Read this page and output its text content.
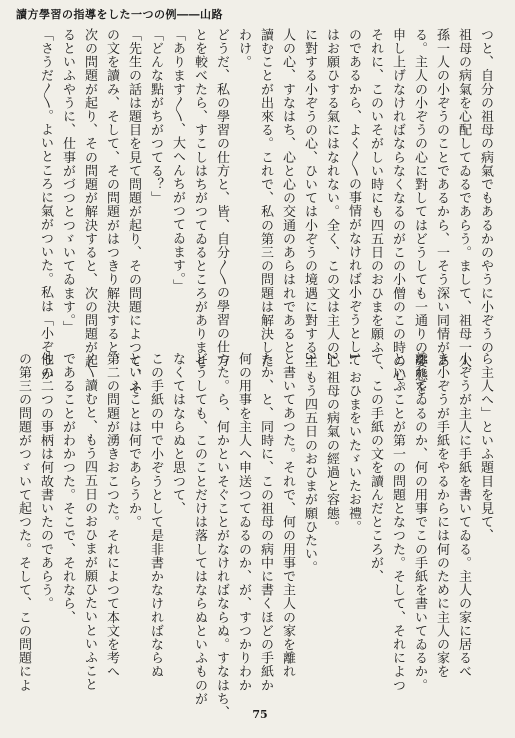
讀方學習の指導をした一つの例――山路
つと、自分の祖母の病氣でもあるかのやうに小ぞうの
祖母の病氣を心配してゐるであらう。まして、祖母一人
孫一人の小ぞうのことであるから、一そう深い同情があ
る。主人の小ぞうの心に對してはどうしても一通りの姿態を
申し上げなければならなくなるのがこの小僧のこの時の心。
それに、このいそがしい時にも四五日のおひまを願ふ
のであるから、よく〳〵の事情がなければ小ぞうとして
はお願ひする氣にはなれない。全く、この文は主人の心
に對する小ぞうの心、ひいては小ぞうの境遇に對する主
人の心、すなはち、心と心の交通のあらはれであると
讀むことが出來る。これで、私の第三の問題は解決した
わけ。
どうだ、私の學習の仕方と、皆、自分〳〵の學習の仕方
とを較べたら、すこしはちがつてゐるところがありませ
「あります〳〵、大へんちがつてゐます。」
「どんな點がちがつてる？」
「先生の話は題目を見て問題が起り、その問題によつて、そ
の文を讀み、そして、その問題がはつきり解決すると、
次の問題が起り、その問題が解決すると、次の問題が起
るといふやうに、仕事がづつとつゞいてゐます。」
「さうだ〳〵。よいところに氣がついた。私は「小ぞうか
ら主人へ」といふ題目を見て、
小ぞうが主人に手紙を書いてゐる。主人の家に居るべ
き小ぞうが手紙をやるからには何のために主人の家を
離れてゐるのか、何の用事でこの手紙を書いてゐるか。
といふことが第一の問題となつた。そして、それによつ
て、この手紙の文を讀んだところが、
1. おひまをいたゞいたお禮。
2. 祖母の病氣の經過と容態。
3. もう四五日のおひまが願ひたい。
と書いてあつた。それで、何の用事で主人の家を離れ
たか、と、同時に、この祖母の病中に書くほどの手紙か
何の用事を主人へ申送つてゐるのか、が、すつかりわか
つた。ら、何かといそぐことがなければならぬ。すなはち、
どうしても、このことだけは落してはならぬといふものが
なくてはならぬと思つて、
この手紙の中で小ぞうとして是非書かなければならぬ
といふことは何であらうか。
第二の問題が湧きおこつた。それによつて本文を考へ
〳〵讀むと、もう四五日のおひまが願ひたいといふこと
であることがわかつた。そこで、それなら、
他の二つの事柄は何故書いたのであらう。
の第三の問題がつゞいて起つた。そして、この問題によ
75
